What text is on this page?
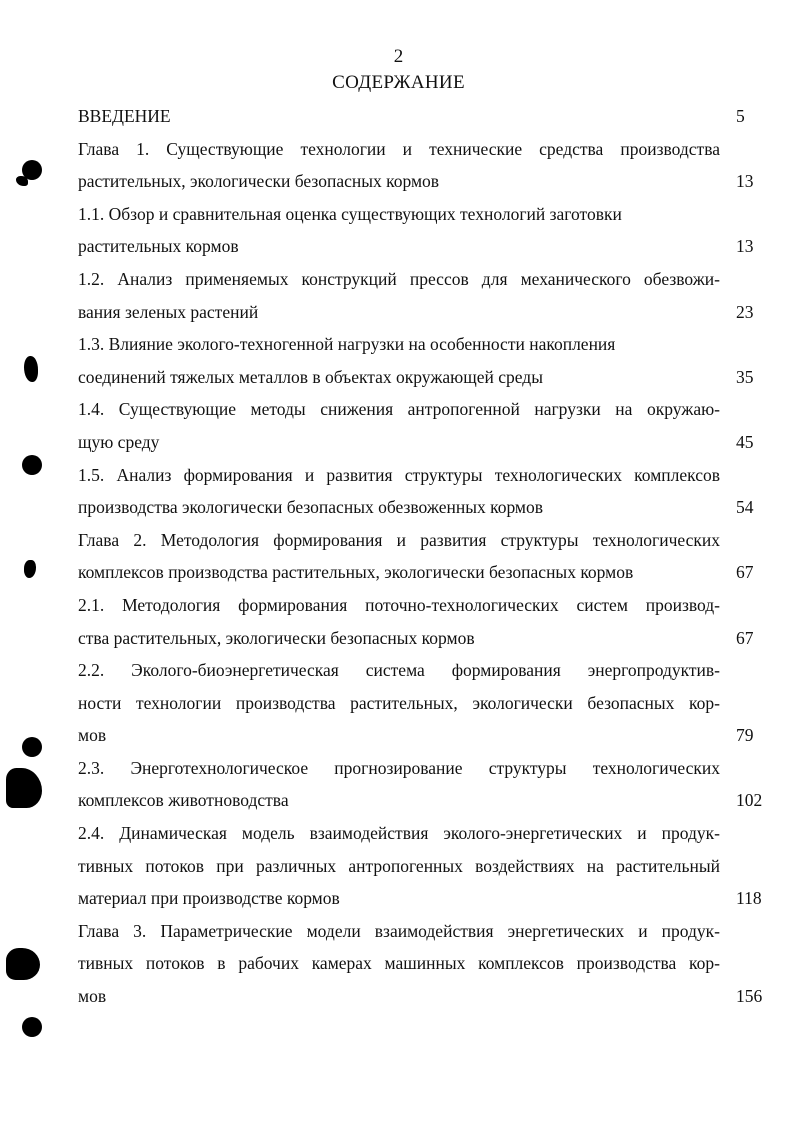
2
СОДЕРЖАНИЕ
ВВЕДЕНИЕ	5
Глава 1. Существующие технологии и технические средства производства
растительных, экологически безопасных кормов	13
1.1. Обзор и сравнительная оценка существующих технологий заготовки
растительных кормов	13
1.2. Анализ применяемых конструкций прессов для механического обезвожи-
вания зеленых растений	23
1.3. Влияние эколого-техногенной нагрузки на особенности накопления
соединений тяжелых металлов в объектах окружающей среды	35
1.4. Существующие методы снижения антропогенной нагрузки на окружаю-
щую среду	45
1.5. Анализ формирования и развития структуры технологических комплексов
производства экологически безопасных обезвоженных кормов	54
Глава 2. Методология формирования и развития структуры технологических
комплексов производства растительных, экологически безопасных кормов	67
2.1. Методология формирования поточно-технологических систем производ-
ства растительных, экологически безопасных кормов	67
2.2. Эколого-биоэнергетическая система формирования энергопродуктив-
ности технологии производства растительных, экологически безопасных кор-
мов	79
2.3. Энерготехнологическое прогнозирование структуры технологических
комплексов животноводства	102
2.4. Динамическая модель взаимодействия эколого-энергетических и продук-
тивных потоков при различных антропогенных воздействиях на растительный
материал при производстве кормов	118
Глава 3. Параметрические модели взаимодействия энергетических и продук-
тивных потоков в рабочих камерах машинных комплексов производства кор-
мов	156
